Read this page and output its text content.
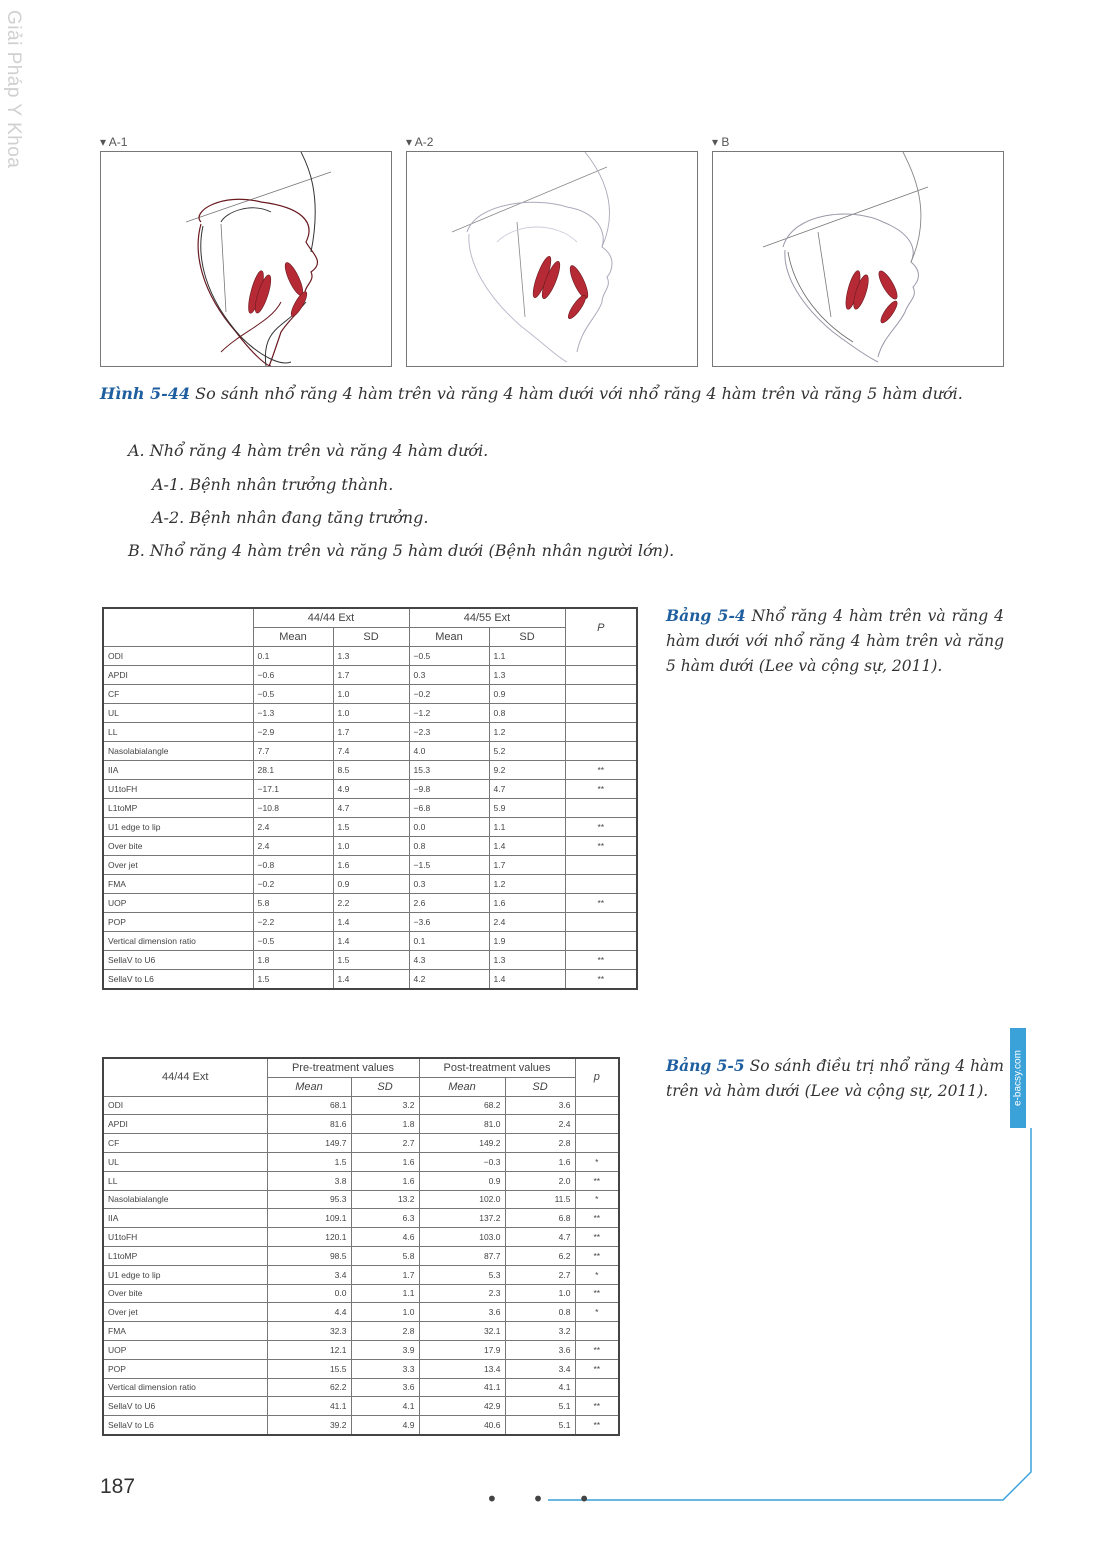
Giải Pháp Y Khoa	▾ A-1	▾ A-2	▾ B
Hình 5-44 So sánh nhổ răng 4 hàm trên và răng 4 hàm dưới với nhổ răng 4 hàm trên và răng 5 hàm dưới.
A. Nhổ răng 4 hàm trên và răng 4 hàm dưới.
A-1. Bệnh nhân trưởng thành.
A-2. Bệnh nhân đang tăng trưởng.
B. Nhổ răng 4 hàm trên và răng 5 hàm dưới (Bệnh nhân người lớn).
	44/44 Ext		44/55 Ext		P
	Mean	SD	Mean	SD	
ODI	0.1	1.3	−0.5	1.1	
APDI	−0.6	1.7	0.3	1.3	
CF	−0.5	1.0	−0.2	0.9	
UL	−1.3	1.0	−1.2	0.8	
LL	−2.9	1.7	−2.3	1.2	
Nasolabialangle	7.7	7.4	4.0	5.2	
IIA	28.1	8.5	15.3	9.2	**
U1toFH	−17.1	4.9	−9.8	4.7	**
L1toMP	−10.8	4.7	−6.8	5.9	
U1 edge to lip	2.4	1.5	0.0	1.1	**
Over bite	2.4	1.0	0.8	1.4	**
Over jet	−0.8	1.6	−1.5	1.7	
FMA	−0.2	0.9	0.3	1.2	
UOP	5.8	2.2	2.6	1.6	**
POP	−2.2	1.4	−3.6	2.4	
Vertical dimension ratio	−0.5	1.4	0.1	1.9	
SellaV to U6	1.8	1.5	4.3	1.3	**
SellaV to L6	1.5	1.4	4.2	1.4	**
Bảng 5-4 Nhổ răng 4 hàm trên và răng 4 hàm dưới với nhổ răng 4 hàm trên và răng 5 hàm dưới (Lee và cộng sự, 2011).
44/44 Ext	Pre-treatment values		Post-treatment values		p
	Mean	SD	Mean	SD	
ODI	68.1	3.2	68.2	3.6	
APDI	81.6	1.8	81.0	2.4	
CF	149.7	2.7	149.2	2.8	
UL	1.5	1.6	−0.3	1.6	*
LL	3.8	1.6	0.9	2.0	**
Nasolabialangle	95.3	13.2	102.0	11.5	*
IIA	109.1	6.3	137.2	6.8	**
U1toFH	120.1	4.6	103.0	4.7	**
L1toMP	98.5	5.8	87.7	6.2	**
U1 edge to lip	3.4	1.7	5.3	2.7	*
Over bite	0.0	1.1	2.3	1.0	**
Over jet	4.4	1.0	3.6	0.8	*
FMA	32.3	2.8	32.1	3.2	
UOP	12.1	3.9	17.9	3.6	**
POP	15.5	3.3	13.4	3.4	**
Vertical dimension ratio	62.2	3.6	41.1	4.1	
SellaV to U6	41.1	4.1	42.9	5.1	**
SellaV to L6	39.2	4.9	40.6	5.1	**
Bảng 5-5 So sánh điều trị nhổ răng 4 hàm trên và hàm dưới (Lee và cộng sự, 2011).	e-bacsy.com
187
• • •
